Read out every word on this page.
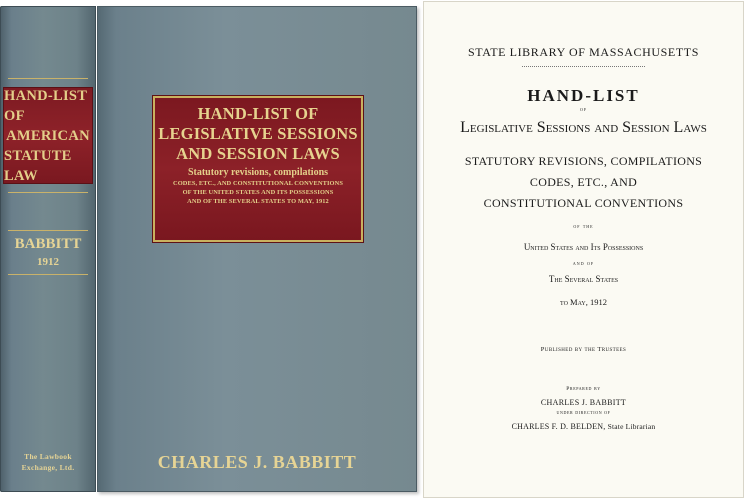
HAND-LIST OF
AMERICAN
STATUTE LAW
BABBITT
1912
The Lawbook
Exchange, Ltd.
HAND-LIST OF
LEGISLATIVE SESSIONS
AND SESSION LAWS
Statutory revisions, compilations
CODES, ETC., AND CONSTITUTIONAL CONVENTIONS
OF THE UNITED STATES AND ITS POSSESSIONS
AND OF THE SEVERAL STATES TO MAY, 1912
CHARLES J. BABBITT
STATE LIBRARY OF MASSACHUSETTS
HAND-LIST
of
Legislative Sessions and Session Laws
STATUTORY REVISIONS, COMPILATIONS
CODES, ETC., AND
CONSTITUTIONAL CONVENTIONS
of the
United States and Its Possessions
and of
The Several States
to May, 1912
Published by the Trustees
Prepared by
CHARLES J. BABBITT
under direction of
CHARLES F. D. BELDEN, State Librarian
